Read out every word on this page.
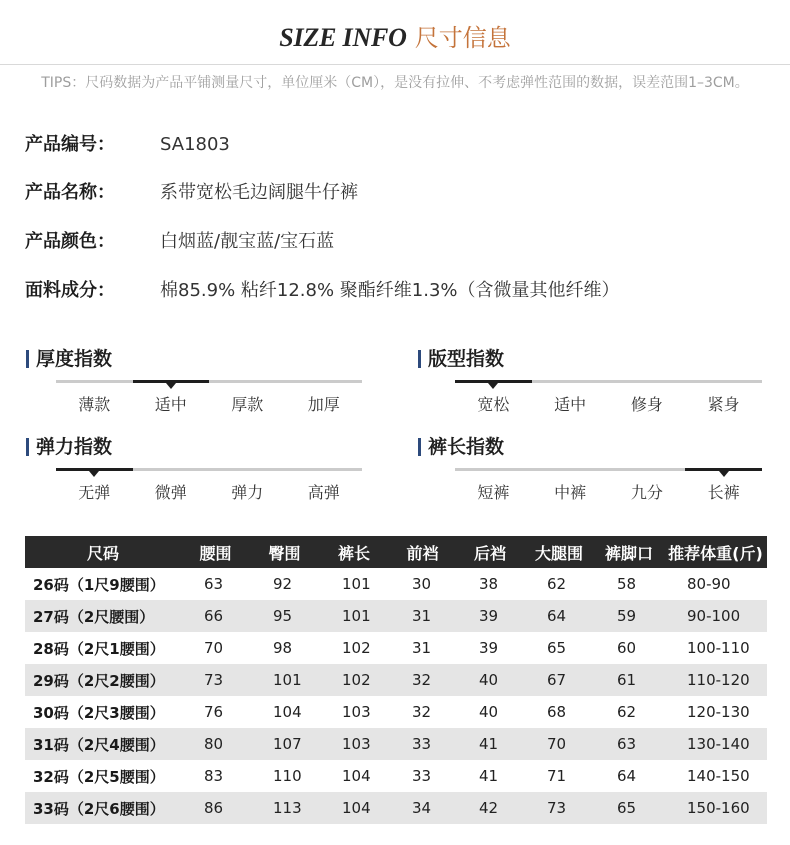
SIZE INFO 尺寸信息
TIPS：尺码数据为产品平铺测量尺寸，单位厘米（CM），是没有拉伸、不考虑弹性范围的数据，误差范围1–3CM。
产品编号：	SA1803
产品名称：	系带宽松毛边阔腿牛仔裤
产品颜色：	白烟蓝/靓宝蓝/宝石蓝
面料成分：	棉85.9% 粘纤12.8% 聚酯纤维1.3%（含微量其他纤维）
厚度指数
薄款	适中	厚款	加厚
版型指数
宽松	适中	修身	紧身
弹力指数
无弹	微弹	弹力	高弹
裤长指数
短裤	中裤	九分	长裤
尺码	腰围	臀围	裤长	前裆	后裆	大腿围	裤脚口	推荐体重(斤)
26码（1尺9腰围）	63	92	101	30	38	62	58	80-90
27码（2尺腰围）	66	95	101	31	39	64	59	90-100
28码（2尺1腰围）	70	98	102	31	39	65	60	100-110
29码（2尺2腰围）	73	101	102	32	40	67	61	110-120
30码（2尺3腰围）	76	104	103	32	40	68	62	120-130
31码（2尺4腰围）	80	107	103	33	41	70	63	130-140
32码（2尺5腰围）	83	110	104	33	41	71	64	140-150
33码（2尺6腰围）	86	113	104	34	42	73	65	150-160
